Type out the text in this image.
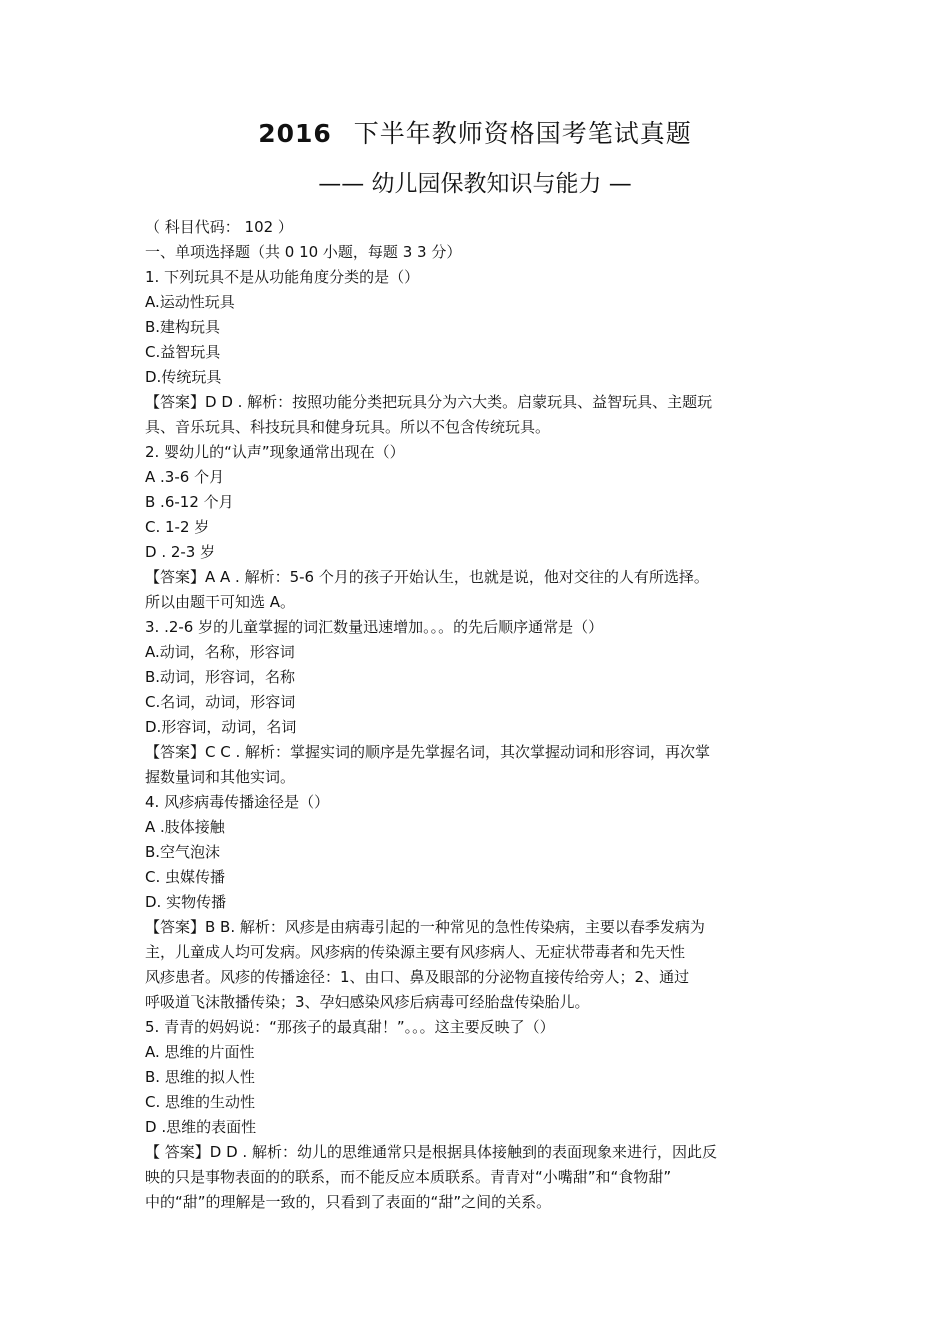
2016 下半年教师资格国考笔试真题
—— 幼儿园保教知识与能力 —
（ 科目代码： 102 ）
一、单项选择题（共 0 10 小题，每题 3 3 分）
1. 下列玩具不是从功能角度分类的是（）
A.运动性玩具
B.建构玩具
C.益智玩具
D.传统玩具
【答案】D D . 解析：按照功能分类把玩具分为六大类。启蒙玩具、益智玩具、主题玩
具、音乐玩具、科技玩具和健身玩具。所以不包含传统玩具。
2. 婴幼儿的“认声”现象通常出现在（）
A .3-6 个月
B .6-12 个月
C. 1-2 岁
D . 2-3 岁
【答案】A A . 解析：5-6 个月的孩子开始认生，也就是说，他对交往的人有所选择。
所以由题干可知选 A。
3. .2-6 岁的儿童掌握的词汇数量迅速增加。。。的先后顺序通常是（）
A.动词，名称，形容词
B.动词，形容词，名称
C.名词，动词，形容词
D.形容词，动词，名词
【答案】C C . 解析：掌握实词的顺序是先掌握名词，其次掌握动词和形容词，再次掌
握数量词和其他实词。
4. 风疹病毒传播途径是（）
A .肢体接触
B.空气泡沫
C. 虫媒传播
D. 实物传播
【答案】B B. 解析：风疹是由病毒引起的一种常见的急性传染病，主要以春季发病为
主，儿童成人均可发病。风疹病的传染源主要有风疹病人、无症状带毒者和先天性
风疹患者。风疹的传播途径：1、由口、鼻及眼部的分泌物直接传给旁人；2、通过
呼吸道飞沫散播传染；3、孕妇感染风疹后病毒可经胎盘传染胎儿。
5. 青青的妈妈说：“那孩子的最真甜！”。。。这主要反映了（）
A. 思维的片面性
B. 思维的拟人性
C. 思维的生动性
D .思维的表面性
【 答案】D D . 解析：幼儿的思维通常只是根据具体接触到的表面现象来进行，因此反
映的只是事物表面的的联系，而不能反应本质联系。青青对“小嘴甜”和“食物甜”
中的“甜”的理解是一致的，只看到了表面的“甜”之间的关系。
